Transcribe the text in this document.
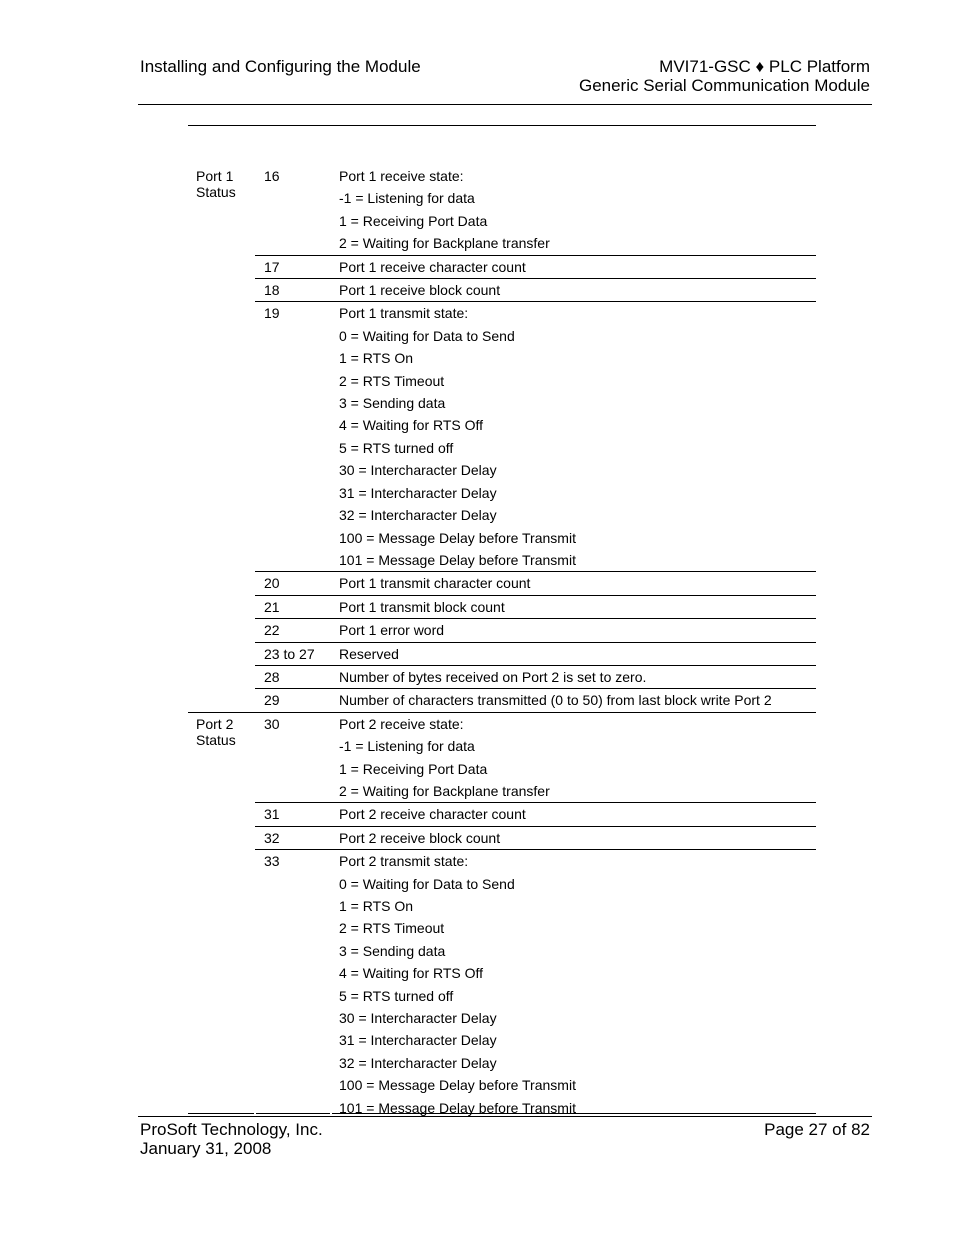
Installing and Configuring the Module	MVI71-GSC ♦ PLC Platform
Generic Serial Communication Module
Port 1
Status
16	Port 1 receive state:
-1 = Listening for data
1 = Receiving Port Data
2 = Waiting for Backplane transfer
17	Port 1 receive character count
18	Port 1 receive block count
19	Port 1 transmit state:
0 = Waiting for Data to Send
1 = RTS On
2 = RTS Timeout
3 = Sending data
4 = Waiting for RTS Off
5 = RTS turned off
30 = Intercharacter Delay
31 = Intercharacter Delay
32 = Intercharacter Delay
100 = Message Delay before Transmit
101 = Message Delay before Transmit
20	Port 1 transmit character count
21	Port 1 transmit block count
22	Port 1 error word
23 to 27	Reserved
28	Number of bytes received on Port 2 is set to zero.
29	Number of characters transmitted (0 to 50) from last block write Port 2
Port 2
Status
30	Port 2 receive state:
-1 = Listening for data
1 = Receiving Port Data
2 = Waiting for Backplane transfer
31	Port 2 receive character count
32	Port 2 receive block count
33	Port 2 transmit state:
0 = Waiting for Data to Send
1 = RTS On
2 = RTS Timeout
3 = Sending data
4 = Waiting for RTS Off
5 = RTS turned off
30 = Intercharacter Delay
31 = Intercharacter Delay
32 = Intercharacter Delay
100 = Message Delay before Transmit
101 = Message Delay before Transmit
ProSoft Technology, Inc.
January 31, 2008
Page 27 of 82
